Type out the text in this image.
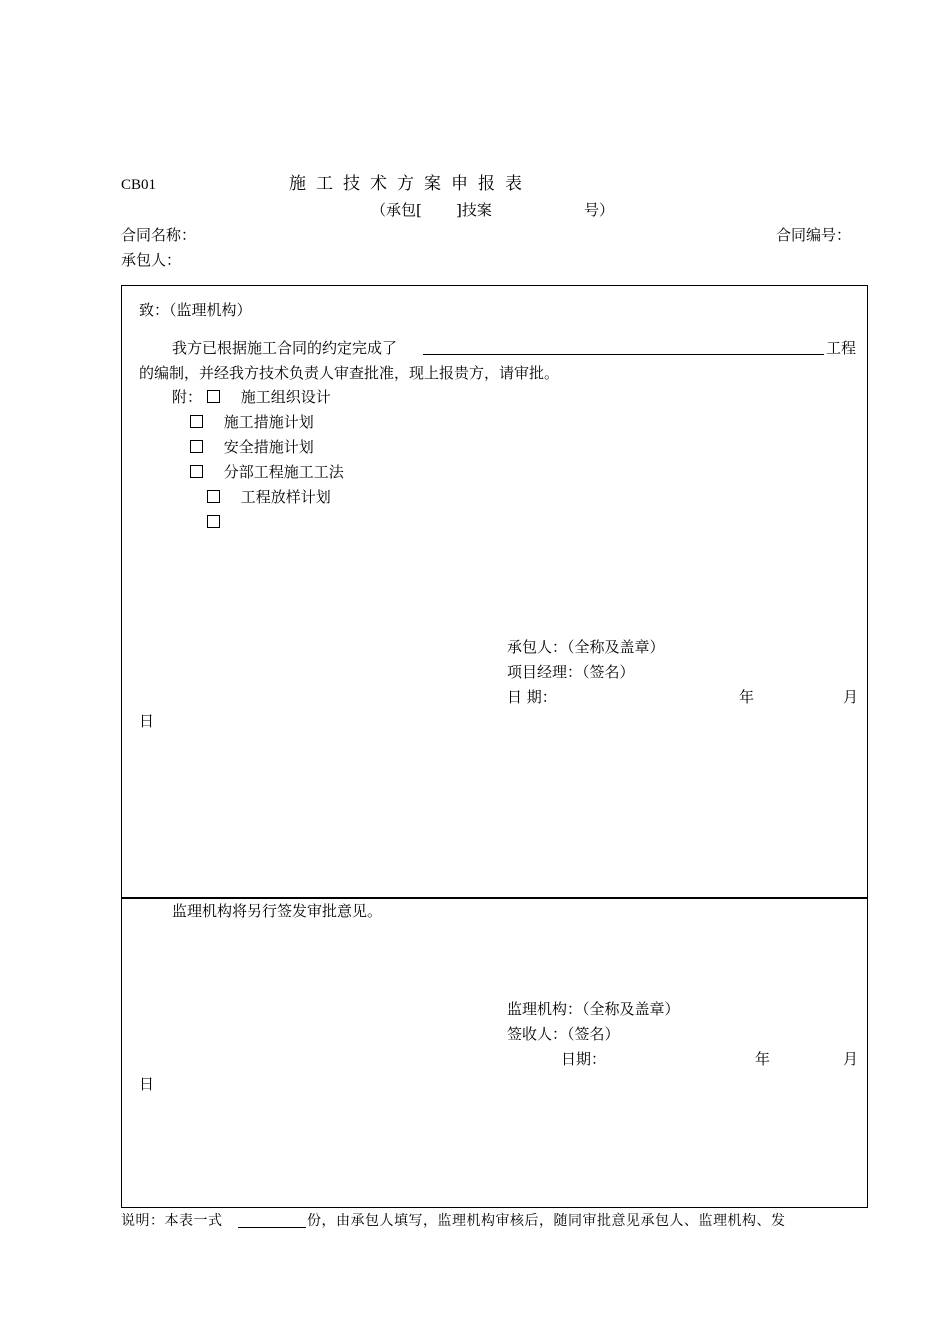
CB01	施工技术方案申报表
（承包[ ]技案	号）
合同名称：	合同编号：
承包人：
致：（监理机构）
我方已根据施工合同的约定完成了	工程
的编制，并经我方技术负责人审查批准，现上报贵方，请审批。
附：	施工组织设计
施工措施计划
安全措施计划
分部工程施工工法
工程放样计划
承包人：（全称及盖章）
项目经理：（签名）
日 期：	年	月
日
监理机构将另行签发审批意见。
监理机构：（全称及盖章）
签收人：（签名）
日期：	年	月
日
说明：本表一式	份，由承包人填写，监理机构审核后，随同审批意见承包人、监理机构、发
